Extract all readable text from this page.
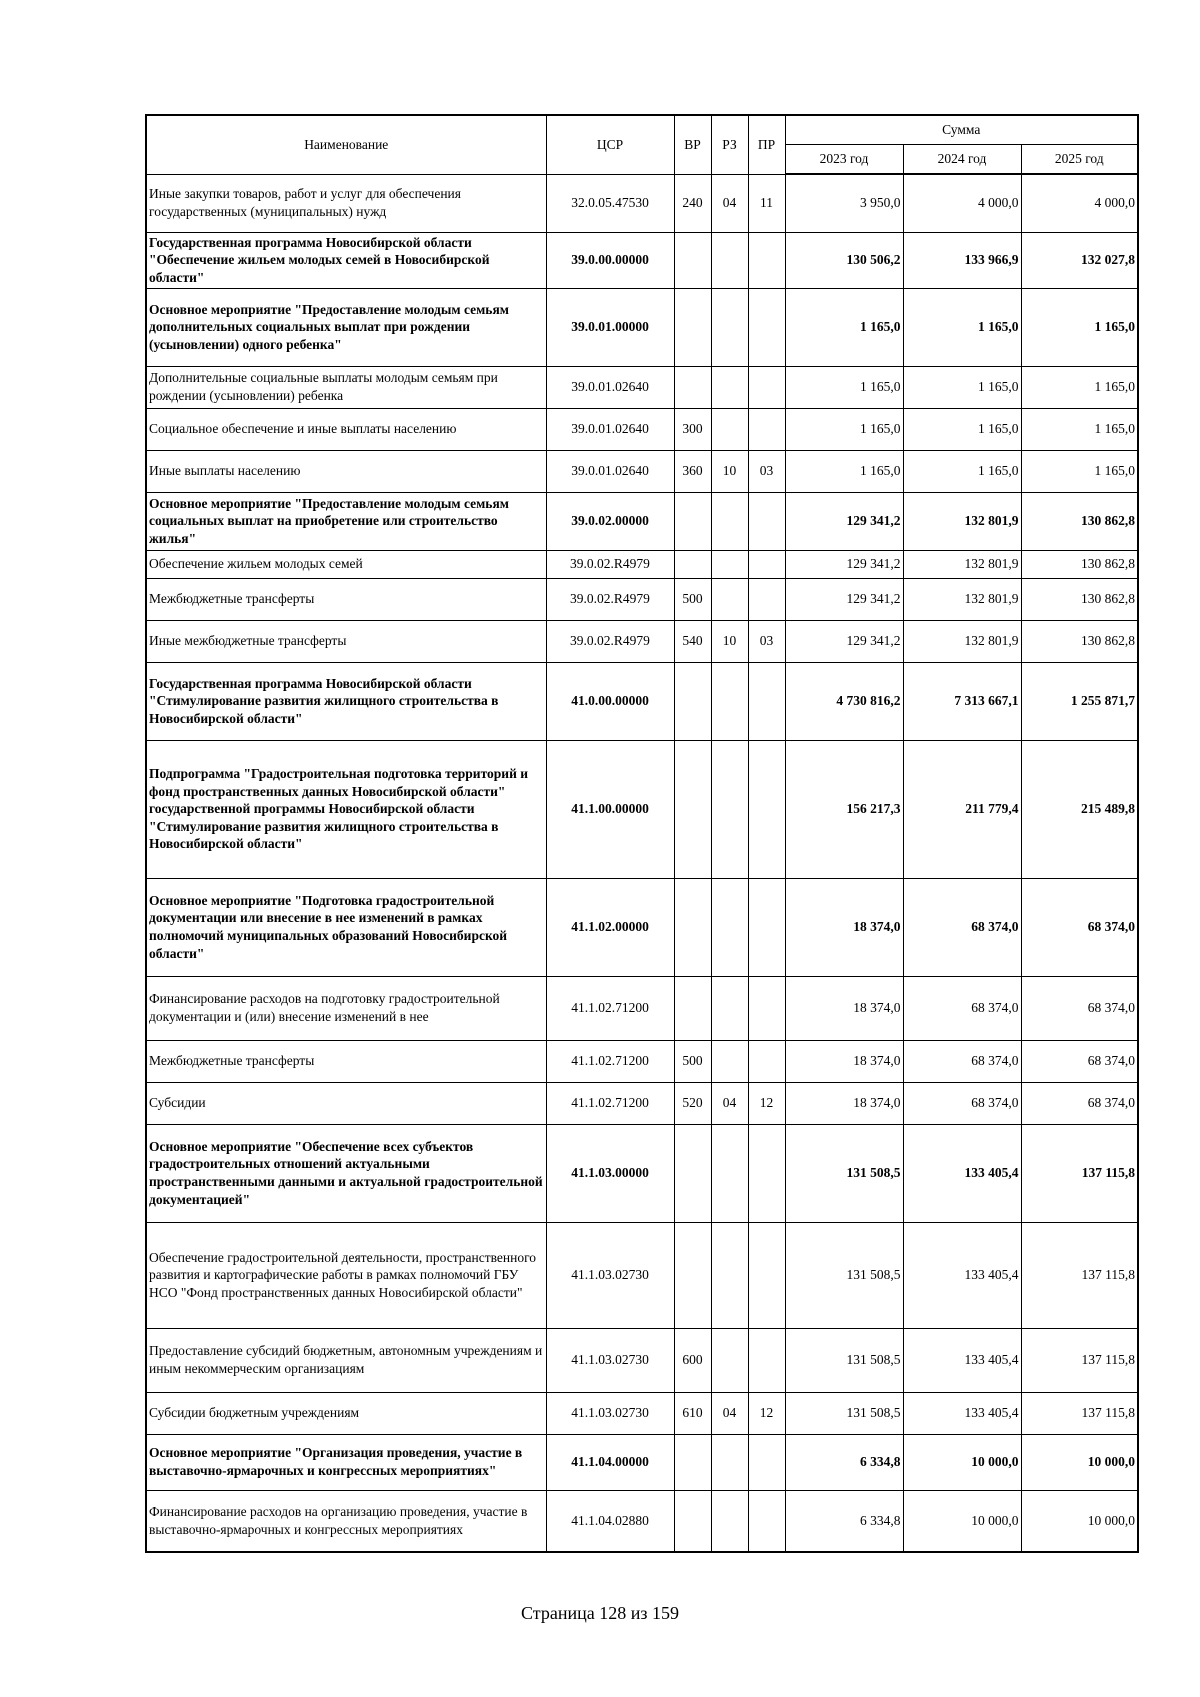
Наименование	ЦСР	ВР	РЗ	ПР	Сумма		
					2023 год	2024 год	2025 год
Иные закупки товаров, работ и услуг для обеспечения государственных (муниципальных) нужд	32.0.05.47530	240	04	11	3 950,0	4 000,0	4 000,0
Государственная программа Новосибирской области "Обеспечение жильем молодых семей в Новосибирской области"	39.0.00.00000				130 506,2	133 966,9	132 027,8
Основное мероприятие "Предоставление молодым семьям дополнительных социальных выплат при рождении (усыновлении) одного ребенка"	39.0.01.00000				1 165,0	1 165,0	1 165,0
Дополнительные социальные выплаты молодым семьям при рождении (усыновлении) ребенка	39.0.01.02640				1 165,0	1 165,0	1 165,0
Социальное обеспечение и иные выплаты населению	39.0.01.02640	300			1 165,0	1 165,0	1 165,0
Иные выплаты населению	39.0.01.02640	360	10	03	1 165,0	1 165,0	1 165,0
Основное мероприятие "Предоставление молодым семьям социальных выплат на приобретение или строительство жилья"	39.0.02.00000				129 341,2	132 801,9	130 862,8
Обеспечение жильем молодых семей	39.0.02.R4979				129 341,2	132 801,9	130 862,8
Межбюджетные трансферты	39.0.02.R4979	500			129 341,2	132 801,9	130 862,8
Иные межбюджетные трансферты	39.0.02.R4979	540	10	03	129 341,2	132 801,9	130 862,8
Государственная программа Новосибирской области "Стимулирование развития жилищного строительства в Новосибирской области"	41.0.00.00000				4 730 816,2	7 313 667,1	1 255 871,7
Подпрограмма "Градостроительная подготовка территорий и фонд пространственных данных Новосибирской области" государственной программы Новосибирской области "Стимулирование развития жилищного строительства в Новосибирской области"	41.1.00.00000				156 217,3	211 779,4	215 489,8
Основное мероприятие "Подготовка градостроительной документации или внесение в нее изменений в рамках полномочий муниципальных образований Новосибирской области"	41.1.02.00000				18 374,0	68 374,0	68 374,0
Финансирование расходов на подготовку градостроительной документации и (или) внесение изменений в нее	41.1.02.71200				18 374,0	68 374,0	68 374,0
Межбюджетные трансферты	41.1.02.71200	500			18 374,0	68 374,0	68 374,0
Субсидии	41.1.02.71200	520	04	12	18 374,0	68 374,0	68 374,0
Основное мероприятие "Обеспечение всех субъектов градостроительных отношений актуальными пространственными данными и актуальной градостроительной документацией"	41.1.03.00000				131 508,5	133 405,4	137 115,8
Обеспечение градостроительной деятельности, пространственного развития и картографические работы в рамках полномочий ГБУ НСО "Фонд пространственных данных Новосибирской области"	41.1.03.02730				131 508,5	133 405,4	137 115,8
Предоставление субсидий бюджетным, автономным учреждениям и иным некоммерческим организациям	41.1.03.02730	600			131 508,5	133 405,4	137 115,8
Субсидии бюджетным учреждениям	41.1.03.02730	610	04	12	131 508,5	133 405,4	137 115,8
Основное мероприятие "Организация проведения, участие в выставочно-ярмарочных и конгрессных мероприятиях"	41.1.04.00000				6 334,8	10 000,0	10 000,0
Финансирование расходов на организацию проведения, участие в выставочно-ярмарочных и конгрессных мероприятиях	41.1.04.02880				6 334,8	10 000,0	10 000,0
Страница 128 из 159
